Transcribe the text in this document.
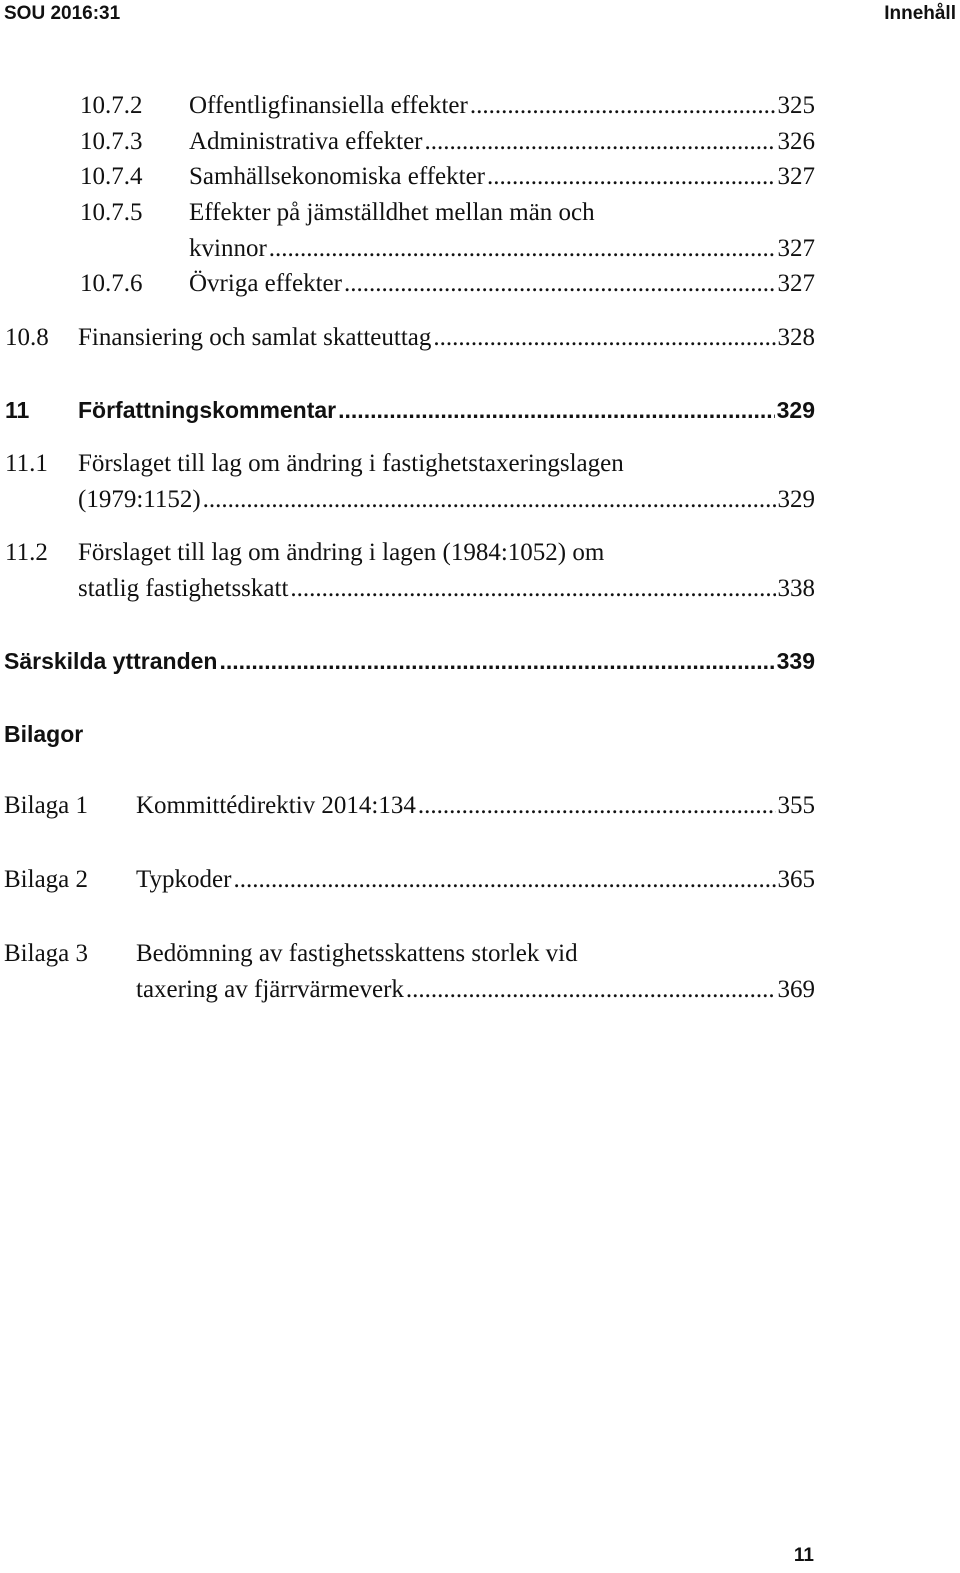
SOU 2016:31	Innehåll
10.7.2 Offentligfinansiella effekter .....	325
10.7.3 Administrativa effekter .....	326
10.7.4 Samhällsekonomiska effekter .....	327
10.7.5 Effekter på jämställdhet mellan män och
kvinnor .....	327
10.7.6 Övriga effekter .....	327
10.8 Finansiering och samlat skatteuttag .....	328
11 Författningskommentar .....	329
11.1 Förslaget till lag om ändring i fastighetstaxeringslagen
(1979:1152) .....	329
11.2 Förslaget till lag om ändring i lagen (1984:1052) om
statlig fastighetsskatt .....	338
Särskilda yttranden .....	339
Bilagor
Bilaga 1 Kommittédirektiv 2014:134 .....	355
Bilaga 2 Typkoder .....	365
Bilaga 3 Bedömning av fastighetsskattens storlek vid
taxering av fjärrvärmeverk .....	369
11
